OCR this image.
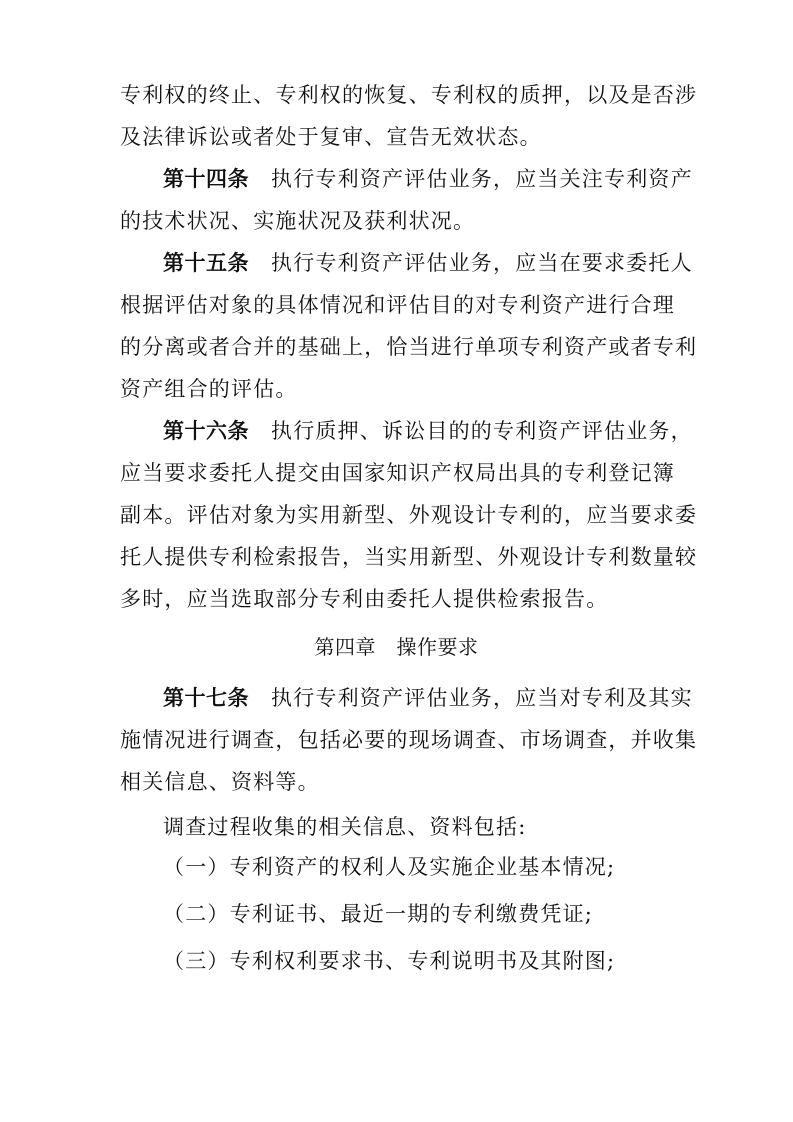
专利权的终止、专利权的恢复、专利权的质押，以及是否涉
及法律诉讼或者处于复审、宣告无效状态。
第十四条 执行专利资产评估业务，应当关注专利资产
的技术状况、实施状况及获利状况。
第十五条 执行专利资产评估业务，应当在要求委托人
根据评估对象的具体情况和评估目的对专利资产进行合理
的分离或者合并的基础上，恰当进行单项专利资产或者专利
资产组合的评估。
第十六条 执行质押、诉讼目的的专利资产评估业务，
应当要求委托人提交由国家知识产权局出具的专利登记簿
副本。评估对象为实用新型、外观设计专利的，应当要求委
托人提供专利检索报告，当实用新型、外观设计专利数量较
多时，应当选取部分专利由委托人提供检索报告。
第四章　操作要求
第十七条 执行专利资产评估业务，应当对专利及其实
施情况进行调查，包括必要的现场调查、市场调查，并收集
相关信息、资料等。
调查过程收集的相关信息、资料包括:
（一）专利资产的权利人及实施企业基本情况;
（二）专利证书、最近一期的专利缴费凭证;
（三）专利权利要求书、专利说明书及其附图;
